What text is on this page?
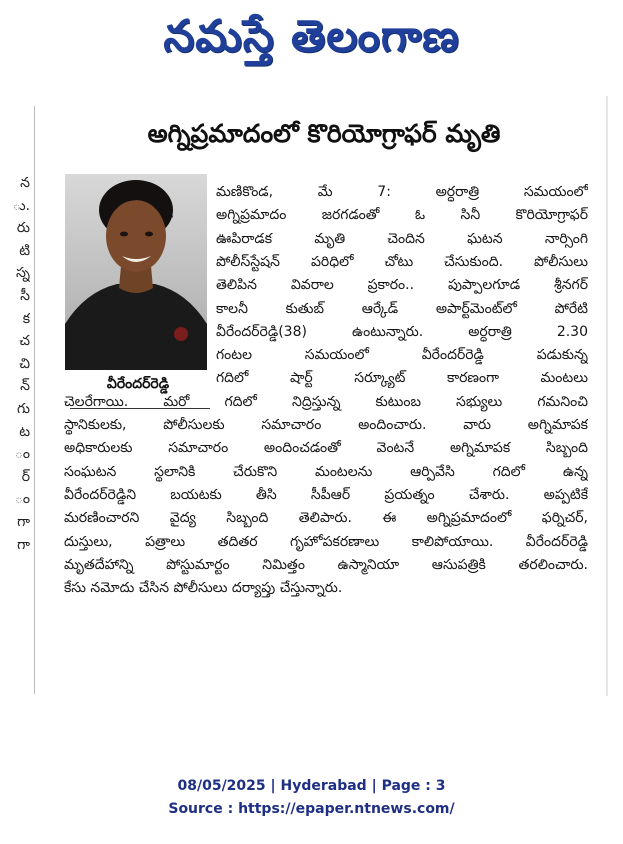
నమస్తే తెలంగాణ
న
ు.
రు
టి
స్న
సీ
క
చ
చి
న్
గు
ట
ం
ర్
ం
గా
గా
అగ్నిప్రమాదంలో కొరియోగ్రాఫర్ మృతి
వీరేందర్‌రెడ్డి
మణికొండ, మే 7: అర్ధరాత్రి సమయంలో
అగ్నిప్రమాదం జరగడంతో ఓ సినీ కొరియోగ్రాఫర్
ఊపిరాడక మృతి చెందిన ఘటన నార్సింగి
పోలీస్‌స్టేషన్ పరిధిలో చోటు చేసుకుంది. పోలీసులు
తెలిపిన వివరాల ప్రకారం.. పుప్పాలగూడ శ్రీనగర్
కాలనీ కుతుబ్ ఆర్కేడ్ అపార్ట్‌మెంట్‌లో పోరేటి
వీరేందర్‌రెడ్డి(38) ఉంటున్నారు. అర్ధరాత్రి 2.30
గంటల సమయంలో వీరేందర్‌రెడ్డి పడుకున్న
గదిలో షార్ట్ సర్క్యూట్ కారణంగా మంటలు
చెలరేగాయి. మరో గదిలో నిద్రిస్తున్న కుటుంబ సభ్యులు గమనించి
స్థానికులకు, పోలీసులకు సమాచారం అందించారు. వారు అగ్నిమాపక
అధికారులకు సమాచారం అందించడంతో వెంటనే అగ్నిమాపక సిబ్బంది
సంఘటన స్థలానికి చేరుకొని మంటలను ఆర్పివేసి గదిలో ఉన్న
వీరేందర్‌రెడ్డిని బయటకు తీసి సీపీఆర్ ప్రయత్నం చేశారు. అప్పటికే
మరణించారని వైద్య సిబ్బంది తెలిపారు. ఈ అగ్నిప్రమాదంలో ఫర్నిచర్,
దుస్తులు, పత్రాలు తదితర గృహోపకరణాలు కాలిపోయాయి. వీరేందర్‌రెడ్డి
మృతదేహాన్ని పోస్టుమార్టం నిమిత్తం ఉస్మానియా ఆసుపత్రికి తరలించారు.
కేసు నమోదు చేసిన పోలీసులు దర్యాప్తు చేస్తున్నారు.
08/05/2025 | Hyderabad | Page : 3
Source : https://epaper.ntnews.com/
